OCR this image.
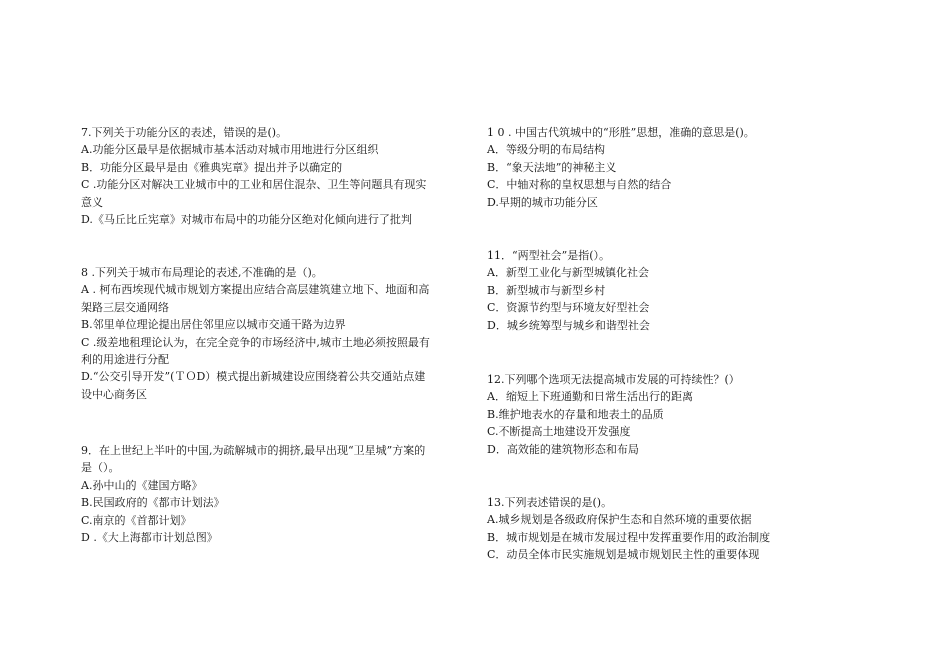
7.下列关于功能分区的表述，错误的是()。
A.功能分区最早是依据城市基本活动对城市用地进行分区组织
B．功能分区最早是由《雅典宪章》提出并予以确定的
C .功能分区对解决工业城市中的工业和居住混杂、卫生等问题具有现实
意义
D.《马丘比丘宪章》对城市布局中的功能分区绝对化倾向进行了批判
8 .下列关于城市布局理论的表述,不准确的是（)。
A . 柯布西埃现代城市规划方案提出应结合高层建筑建立地下、地面和高
架路三层交通网络
B.邻里单位理论提出居住邻里应以城市交通干路为边界
C .级差地租理论认为，在完全竞争的市场经济中,城市土地必须按照最有
利的用途进行分配
D.“公交引导开发”(ＴＯD）模式提出新城建设应围绕着公共交通站点建
设中心商务区
9．在上世纪上半叶的中国,为疏解城市的拥挤,最早出现“卫星城”方案的
是（）。
A.孙中山的《建国方略》
B.民国政府的《都市计划法》
C.南京的《首都计划》
D .《大上海都市计划总图》
1 0 . 中国古代筑城中的“形胜”思想，准确的意思是()。
A．等级分明的布局结构
B．“象天法地”的神秘主义
C．中轴对称的皇权思想与自然的结合
D.早期的城市功能分区
11．“两型社会”是指(）。
A．新型工业化与新型城镇化社会
B．新型城市与新型乡村
C．资源节约型与环境友好型社会
D．城乡统筹型与城乡和谐型社会
12.下列哪个选项无法提高城市发展的可持续性？(）
A．缩短上下班通勤和日常生活出行的距离
B.维护地表水的存量和地表土的品质
C.不断提高土地建设开发强度
D．高效能的建筑物形态和布局
13.下列表述错误的是()。
A.城乡规划是各级政府保护生态和自然环境的重要依据
B．城市规划是在城市发展过程中发挥重要作用的政治制度
C．动员全体市民实施规划是城市规划民主性的重要体现
